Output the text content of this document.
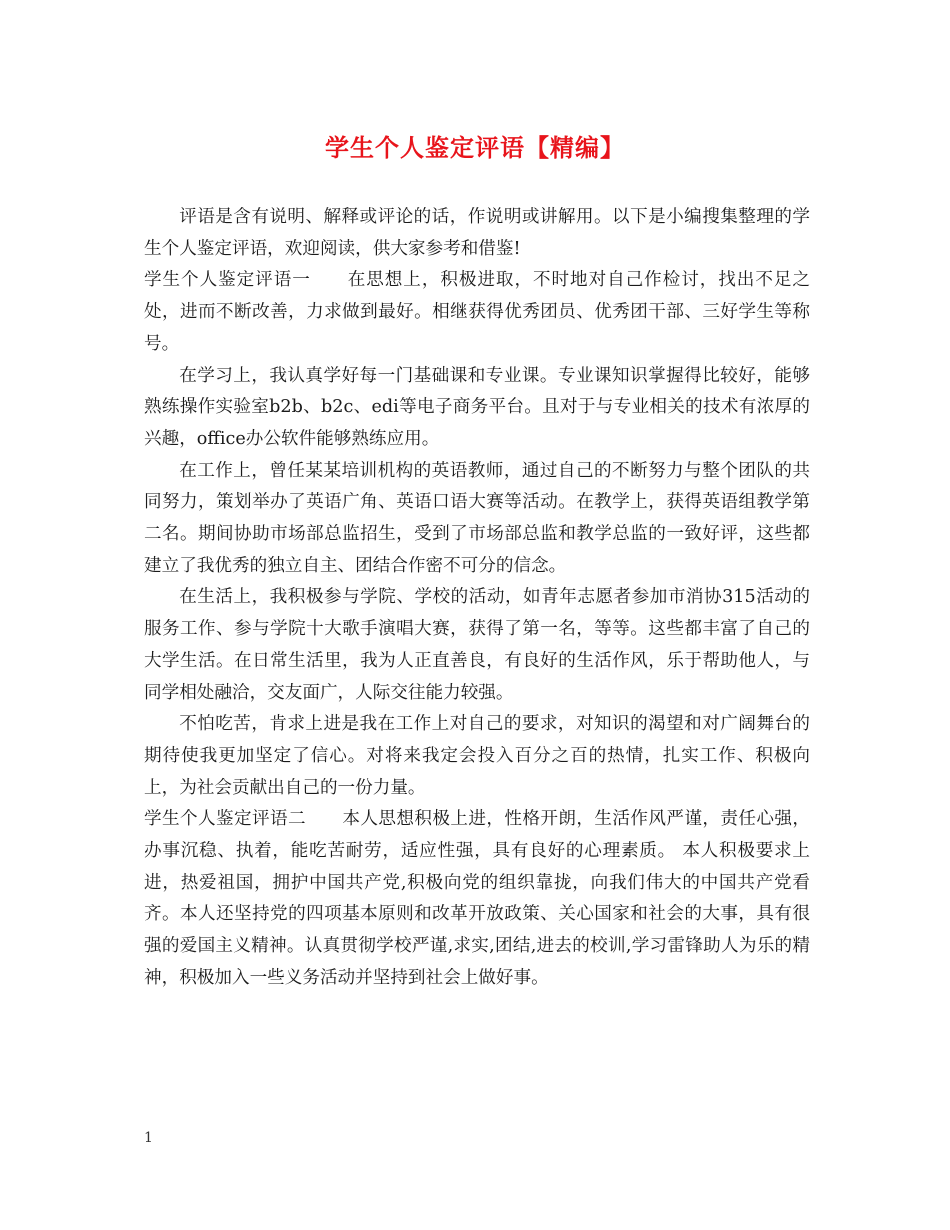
学生个人鉴定评语【精编】

评语是含有说明、解释或评论的话，作说明或讲解用。以下是小编搜集整理的学生个人鉴定评语，欢迎阅读，供大家参考和借鉴!

学生个人鉴定评语一 在思想上，积极进取，不时地对自己作检讨，找出不足之处，进而不断改善，力求做到最好。相继获得优秀团员、优秀团干部、三好学生等称号。

在学习上，我认真学好每一门基础课和专业课。专业课知识掌握得比较好，能够熟练操作实验室b2b、b2c、edi等电子商务平台。且对于与专业相关的技术有浓厚的兴趣，office办公软件能够熟练应用。

在工作上，曾任某某培训机构的英语教师，通过自己的不断努力与整个团队的共同努力，策划举办了英语广角、英语口语大赛等活动。在教学上，获得英语组教学第二名。期间协助市场部总监招生，受到了市场部总监和教学总监的一致好评，这些都建立了我优秀的独立自主、团结合作密不可分的信念。

在生活上，我积极参与学院、学校的活动，如青年志愿者参加市消协315活动的服务工作、参与学院十大歌手演唱大赛，获得了第一名，等等。这些都丰富了自己的大学生活。在日常生活里，我为人正直善良，有良好的生活作风，乐于帮助他人，与同学相处融洽，交友面广，人际交往能力较强。

不怕吃苦，肯求上进是我在工作上对自己的要求，对知识的渴望和对广阔舞台的期待使我更加坚定了信心。对将来我定会投入百分之百的热情，扎实工作、积极向上，为社会贡献出自己的一份力量。

学生个人鉴定评语二 本人思想积极上进，性格开朗，生活作风严谨，责任心强，办事沉稳、执着，能吃苦耐劳，适应性强，具有良好的心理素质。 本人积极要求上进，热爱祖国，拥护中国共产党,积极向党的组织靠拢，向我们伟大的中国共产党看齐。本人还坚持党的四项基本原则和改革开放政策、关心国家和社会的大事，具有很强的爱国主义精神。认真贯彻学校严谨,求实,团结,进去的校训,学习雷锋助人为乐的精神，积极加入一些义务活动并坚持到社会上做好事。

1
